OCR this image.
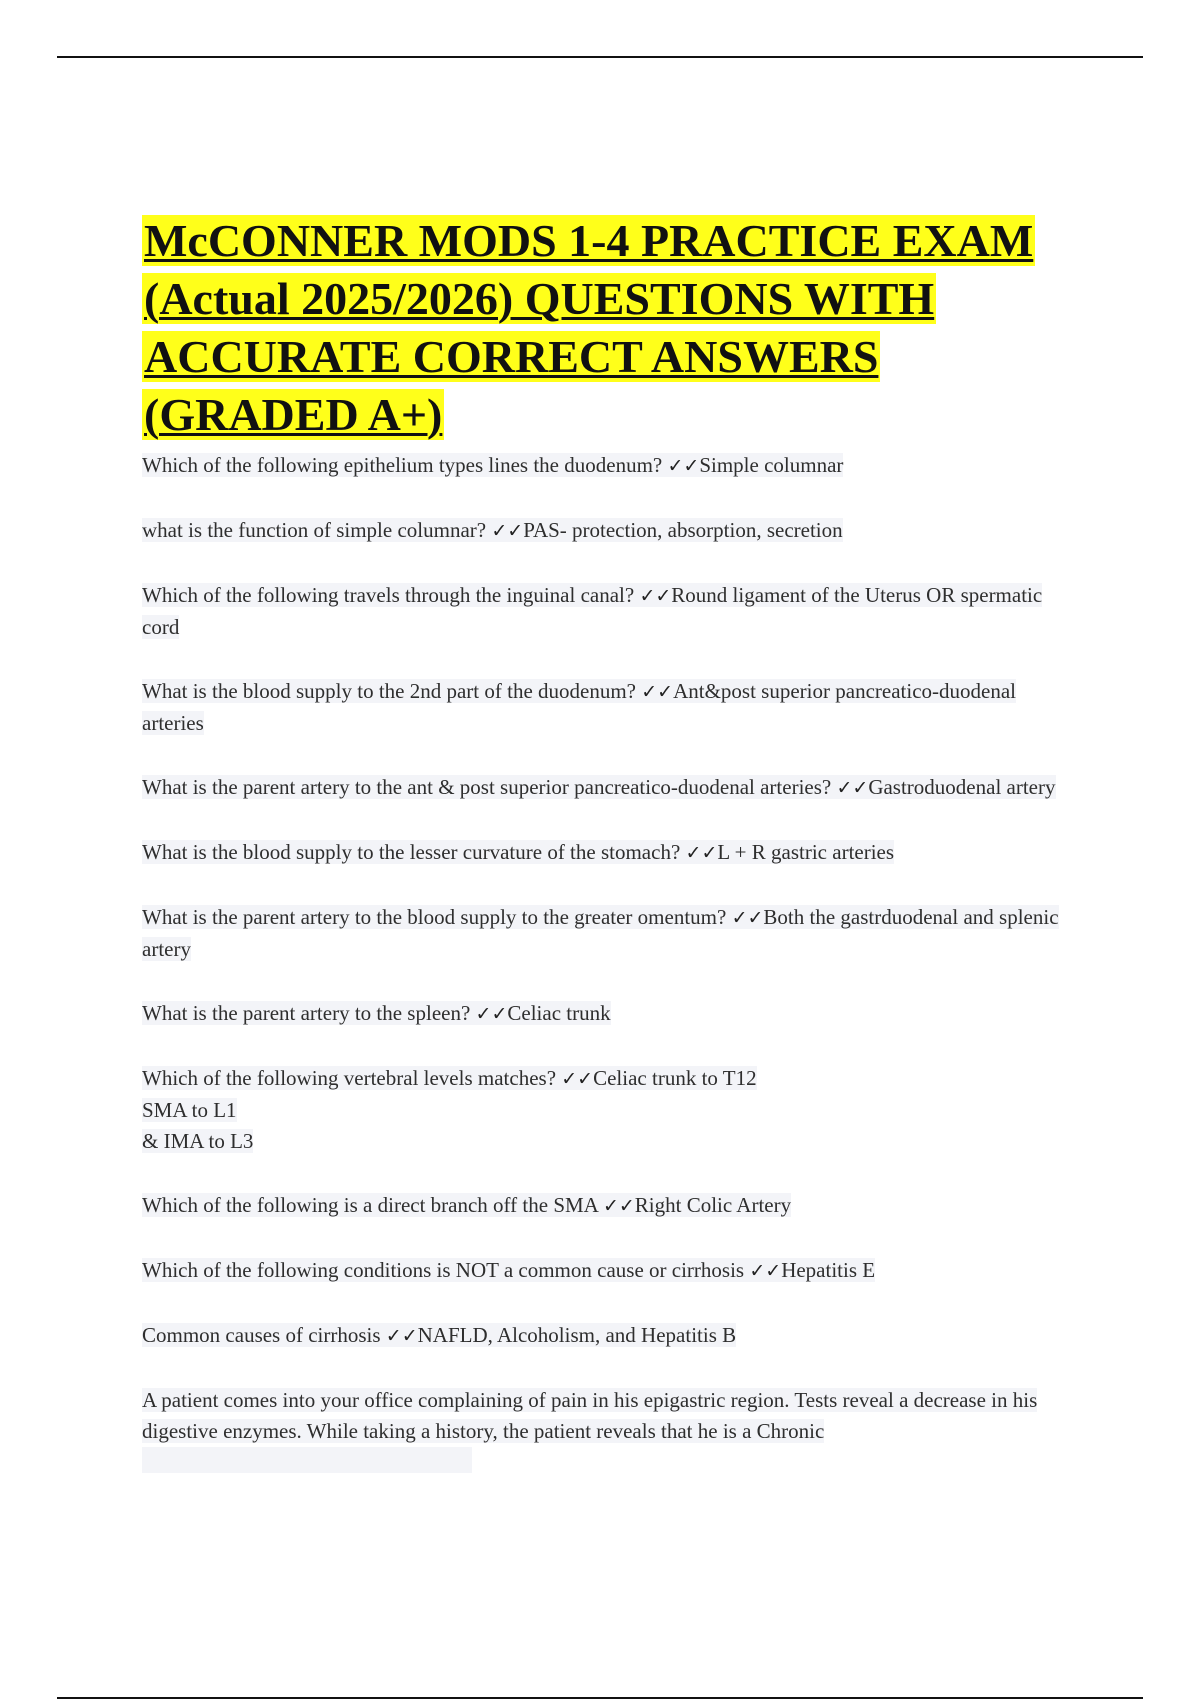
McCONNER MODS 1-4 PRACTICE EXAM (Actual 2025/2026) QUESTIONS WITH ACCURATE CORRECT ANSWERS (GRADED A+)

Which of the following epithelium types lines the duodenum? ✓✓Simple columnar

what is the function of simple columnar? ✓✓PAS- protection, absorption, secretion

Which of the following travels through the inguinal canal? ✓✓Round ligament of the Uterus OR spermatic cord

What is the blood supply to the 2nd part of the duodenum? ✓✓Ant&post superior pancreatico-duodenal arteries

What is the parent artery to the ant & post superior pancreatico-duodenal arteries? ✓✓Gastroduodenal artery

What is the blood supply to the lesser curvature of the stomach? ✓✓L + R gastric arteries

What is the parent artery to the blood supply to the greater omentum? ✓✓Both the gastrduodenal and splenic artery

What is the parent artery to the spleen? ✓✓Celiac trunk

Which of the following vertebral levels matches? ✓✓Celiac trunk to T12
SMA to L1
& IMA to L3

Which of the following is a direct branch off the SMA ✓✓Right Colic Artery

Which of the following conditions is NOT a common cause or cirrhosis ✓✓Hepatitis E

Common causes of cirrhosis ✓✓NAFLD, Alcoholism, and Hepatitis B

A patient comes into your office complaining of pain in his epigastric region. Tests reveal a decrease in his digestive enzymes. While taking a history, the patient reveals that he is a Chronic
